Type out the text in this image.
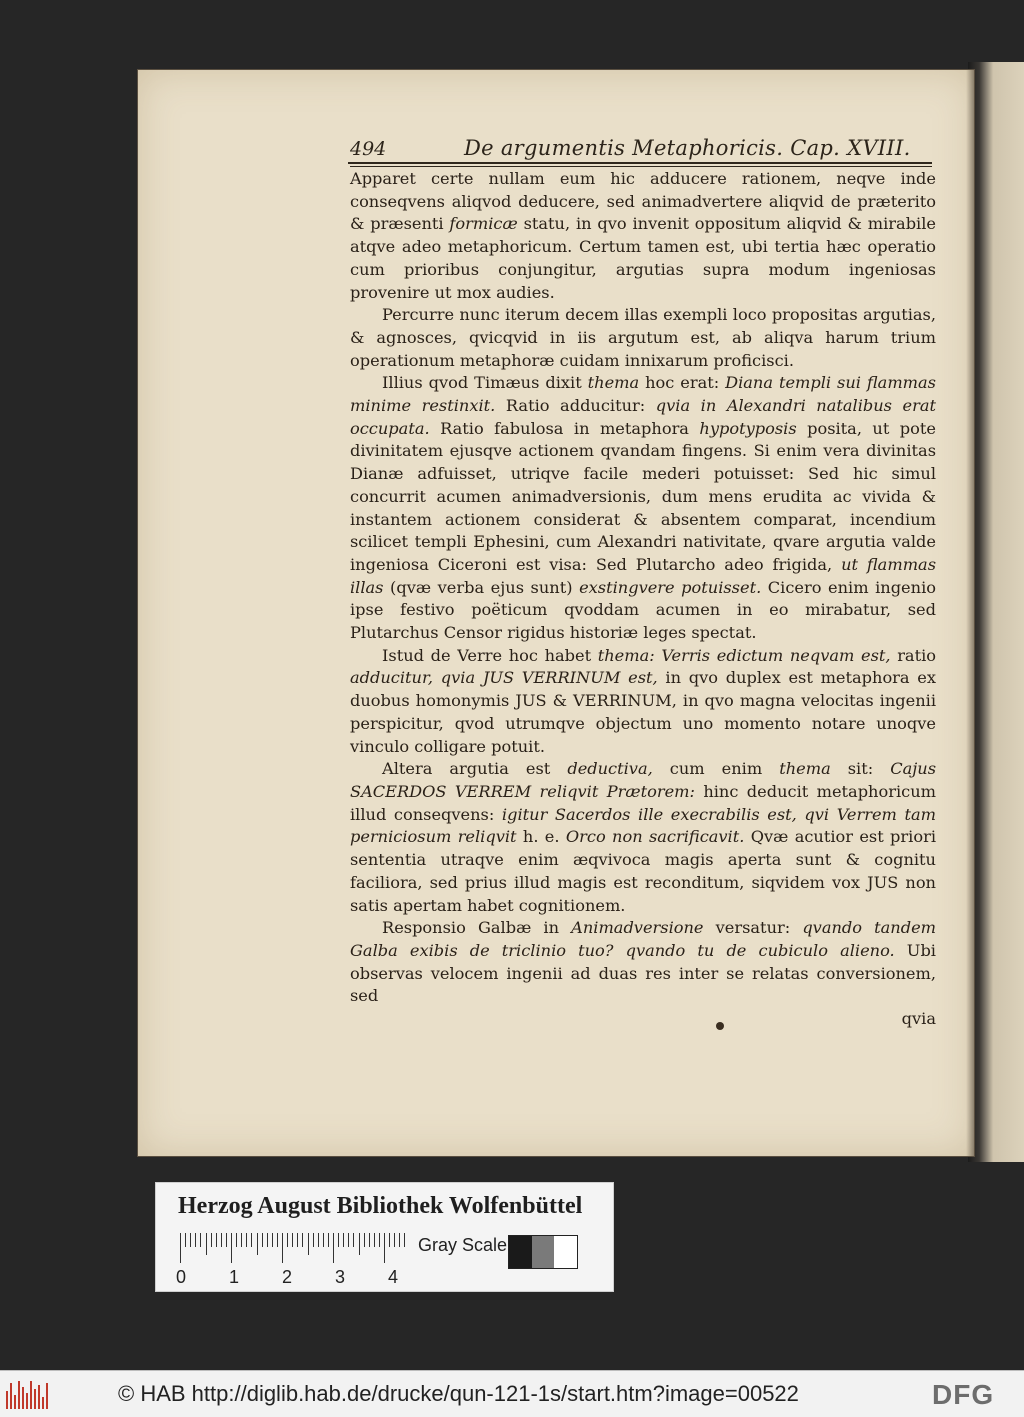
494	De argumentis Metaphoricis. Cap. XVIII.

Apparet certe nullam eum hic adducere rationem, neqve inde conseqvens aliqvod deducere, sed animadvertere aliqvid de præterito & præsenti formicæ statu, in qvo invenit oppositum aliqvid & mirabile atqve adeo metaphoricum. Certum tamen est, ubi tertia hæc operatio cum prioribus conjungitur, argutias supra modum ingeniosas provenire ut mox audies.

Percurre nunc iterum decem illas exempli loco propositas argutias, & agnosces, qvicqvid in iis argutum est, ab aliqva harum trium operationum metaphoræ cuidam innixarum proficisci.

Illius qvod Timæus dixit thema hoc erat: Diana templi sui flammas minime restinxit. Ratio adducitur: qvia in Alexandri natalibus erat occupata. Ratio fabulosa in metaphora hypotyposis posita, ut pote divinitatem ejusqve actionem qvandam fingens. Si enim vera divinitas Dianæ adfuisset, utriqve facile mederi potuisset: Sed hic simul concurrit acumen animadversionis, dum mens erudita ac vivida & instantem actionem considerat & absentem comparat, incendium scilicet templi Ephesini, cum Alexandri nativitate, qvare argutia valde ingeniosa Ciceroni est visa: Sed Plutarcho adeo frigida, ut flammas illas (qvæ verba ejus sunt) exstingvere potuisset. Cicero enim ingenio ipse festivo poëticum qvoddam acumen in eo mirabatur, sed Plutarchus Censor rigidus historiæ leges spectat.

Istud de Verre hoc habet thema: Verris edictum neqvam est, ratio adducitur, qvia JUS VERRINUM est, in qvo duplex est metaphora ex duobus homonymis JUS & VERRINUM, in qvo magna velocitas ingenii perspicitur, qvod utrumqve objectum uno momento notare unoqve vinculo colligare potuit.

Altera argutia est deductiva, cum enim thema sit: Cajus SACERDOS VERREM reliqvit Prætorem: hinc deducit metaphoricum illud conseqvens: igitur Sacerdos ille execrabilis est, qvi Verrem tam perniciosum reliqvit h. e. Orco non sacrificavit. Qvæ acutior est priori sententia utraqve enim æqvivoca magis aperta sunt & cognitu faciliora, sed prius illud magis est reconditum, siqvidem vox JUS non satis apertam habet cognitionem.

Responsio Galbæ in Animadversione versatur: qvando tandem Galba exibis de triclinio tuo? qvando tu de cubiculo alieno. Ubi observas velocem ingenii ad duas res inter se relatas conversionem, sed

qvia

Herzog August Bibliothek Wolfenbüttel
Gray Scale
0 1 2 3 4
© HAB http://diglib.hab.de/drucke/qun-121-1s/start.htm?image=00522	DFG
